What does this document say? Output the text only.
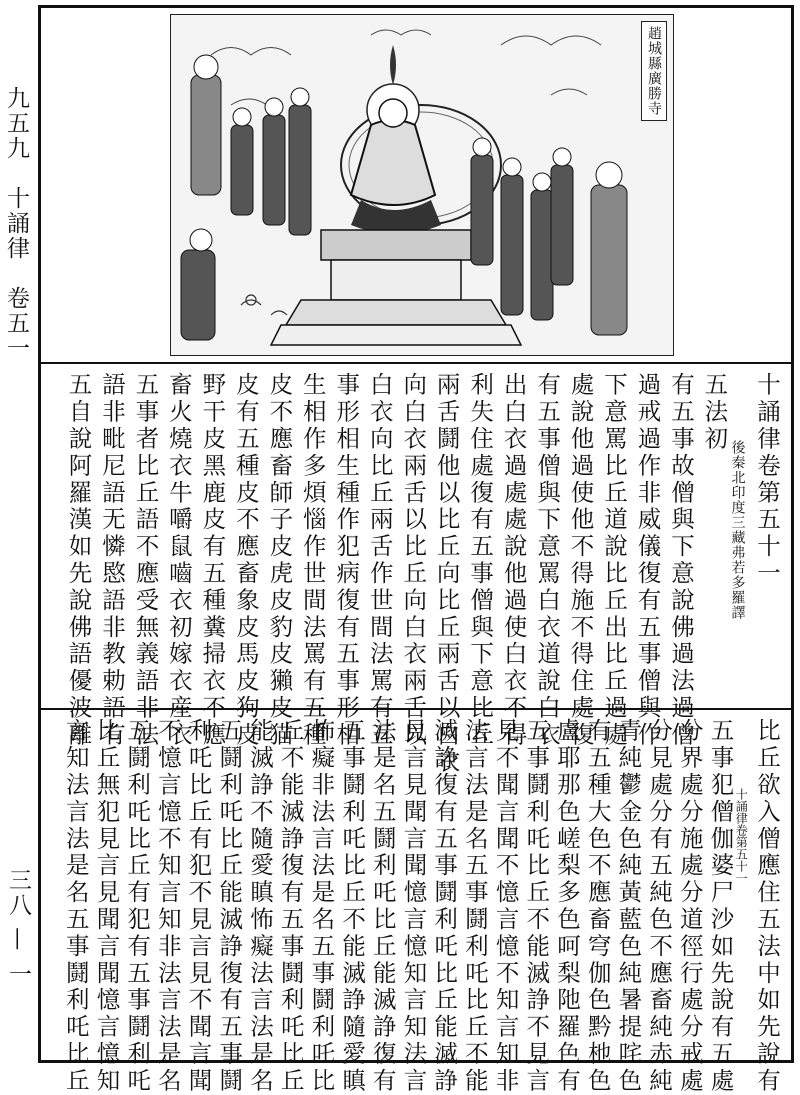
九五九　十誦律　卷五一
三八 — 一
趙城縣廣勝寺
十誦律卷第五十一
後秦北印度三藏弗若多羅譯
五法初
有五事故僧與下意說佛過法過僧
過戒過作非威儀復有五事僧與作
下意罵比丘道說比丘出比丘過處
處說他過使他不得施不得住處復
有五事僧與下意罵白衣道說白衣
出白衣過處處說他過使白衣不得
利失住處復有五事僧與下意比丘
兩舌鬪他以比丘向比丘兩舌以白衣
向白衣兩舌以比丘向白衣兩舌以
白衣向比丘兩舌作世間法罵有五
事形相生種作犯病復有五事形相
生相作多煩惱作世間法罵有五種
皮不應畜師子皮虎皮豹皮獺皮猫
皮有五種皮不應畜象皮馬皮狗皮
野干皮黑鹿皮有五種糞掃衣不應
畜火燒衣牛嚼鼠嚙衣初嫁衣産衣
五事者比丘語不應受無義語非法
語非毗尼語无憐愍語非教勅語有
五自說阿羅漢如先說佛語優波離
比丘欲入僧應住五法中如先說有
十誦律卷第五十一
五事犯僧伽婆尸沙如先說有五處
分界處分施處分道徑行處分戒處
分見處分有五純色不應畜純赤純
青純鬱金色純黃藍色純暑提咤色
有五種大色不應畜穹伽色黔杝色
盧耶那色嵯梨多色呵梨阤羅色有
五事鬪利吒比丘不能滅諍不見言
見不聞言聞不憶言憶不知言知非
法言法是名五事鬪利吒比丘不能
滅諍復有五事鬪利吒比丘能滅諍
見言見聞言聞憶言憶知言知法言
法是名五鬪利吒比丘能滅諍復有
五事鬪利吒比丘不能滅諍隨愛瞋
怖癡非法言法是名五事鬪利吒比
丘不能滅諍復有五事鬪利吒比丘
能滅諍不隨愛瞋怖癡法言法是名
五鬪利吒比丘能滅諍復有五事鬪
利吒比丘有犯不見言見不聞言聞
不憶言憶不知言知非法言法是名
五鬪利吒比丘有犯有五事鬪利吒
比丘無犯見言見聞言聞憶言憶知
言知法言法是名五事鬪利吒比丘
